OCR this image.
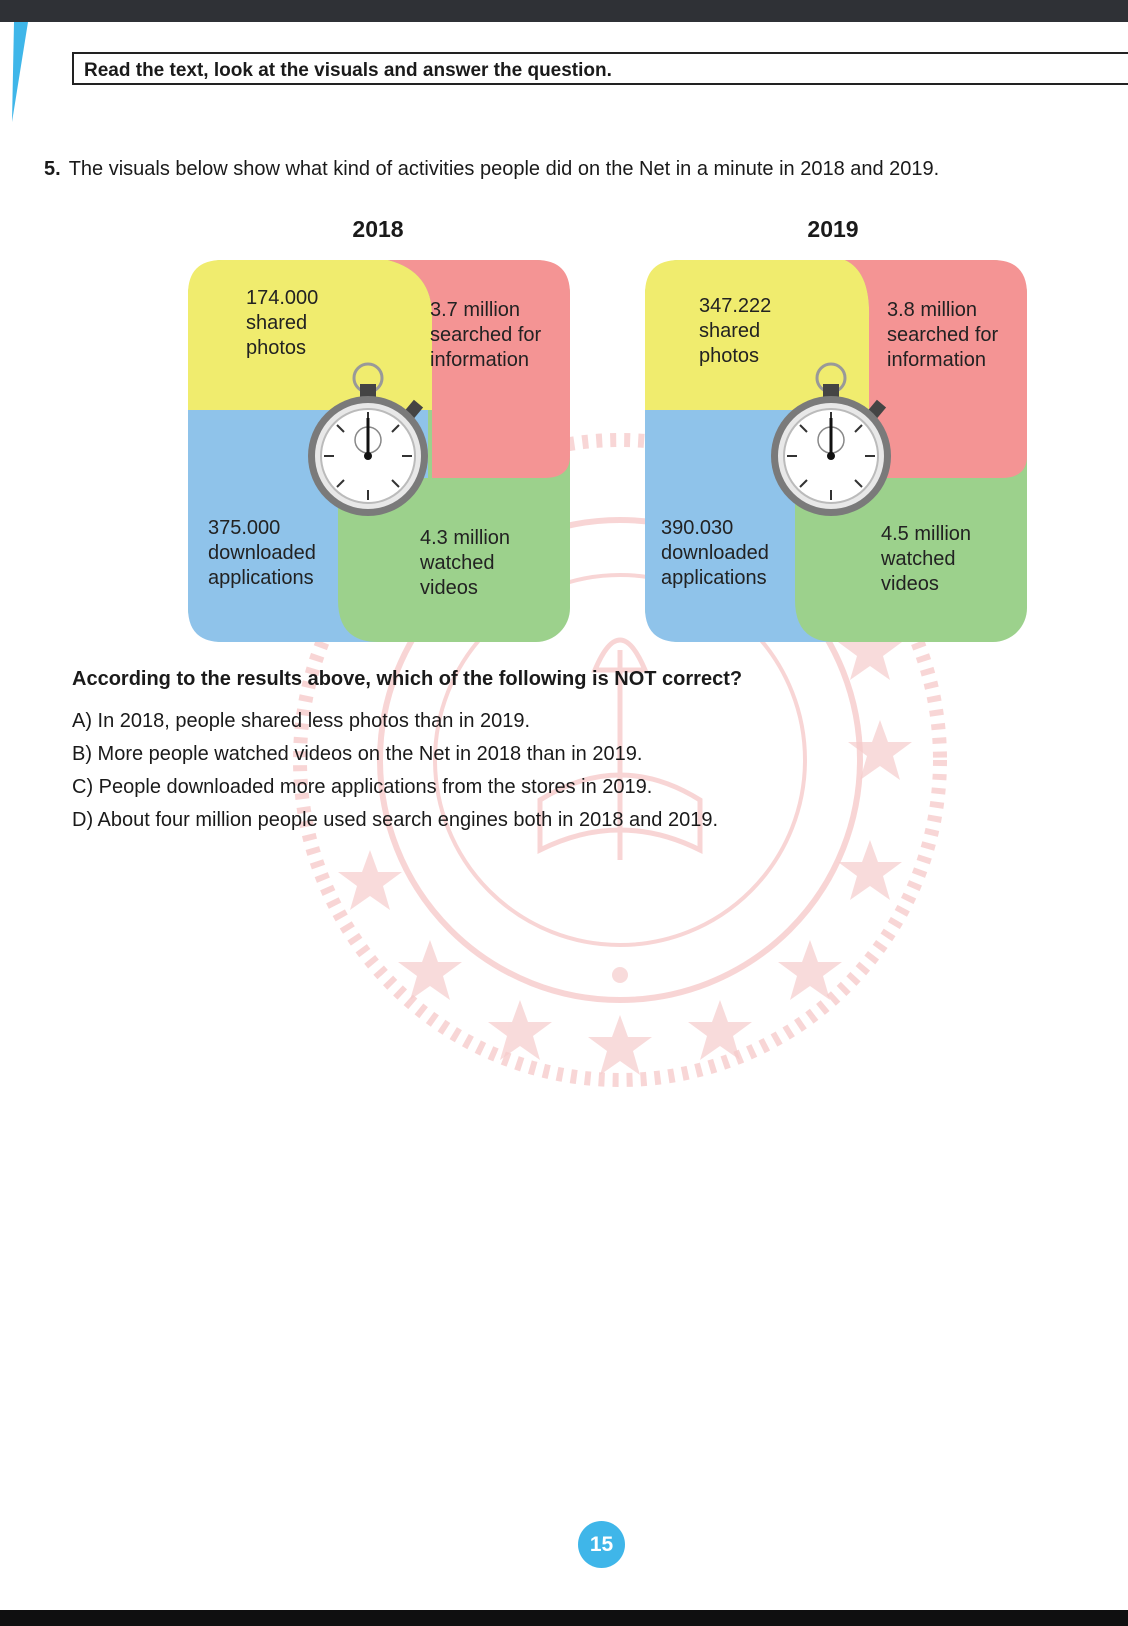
Read the text, look at the visuals and answer the question.
5. The visuals below show what kind of activities people did on the Net in a minute in 2018 and 2019.
2018
174.000
shared
photos
3.7 million
searched for
information
375.000
downloaded
applications
4.3 million
watched
videos
2019
347.222
shared
photos
3.8 million
searched for
information
390.030
downloaded
applications
4.5 million
watched
videos
According to the results above, which of the following is NOT correct?
A) In 2018, people shared less photos than in 2019.
B) More people watched videos on the Net in 2018 than in 2019.
C) People downloaded more applications from the stores in 2019.
D) About four million people used search engines both in 2018 and 2019.
15
